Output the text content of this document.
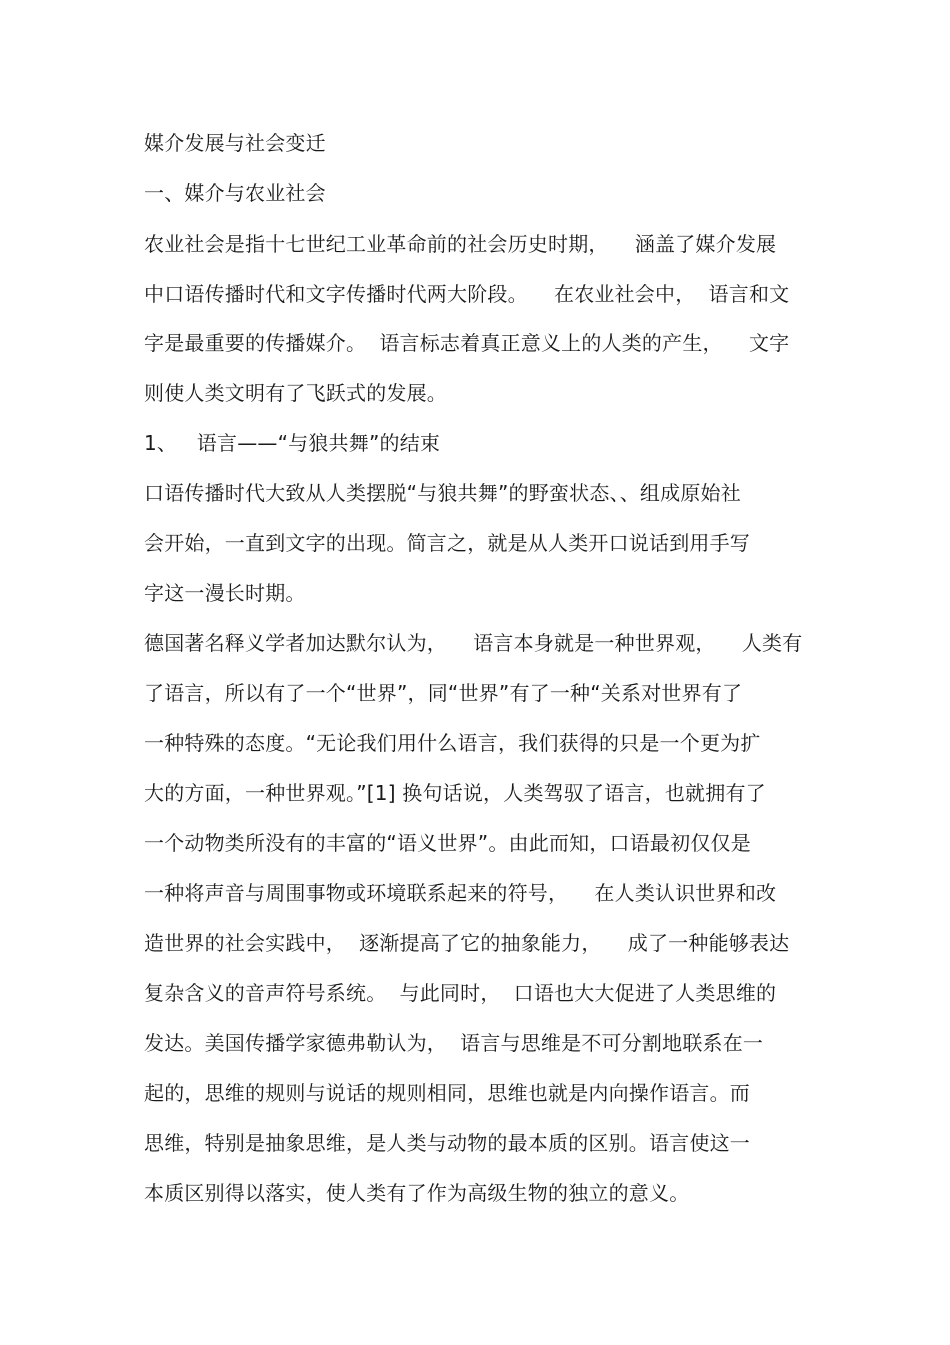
媒介发展与社会变迁

一、媒介与农业社会

农业社会是指十七世纪工业革命前的社会历史时期，    涵盖了媒介发展

中口语传播时代和文字传播时代两大阶段。    在农业社会中，  语言和文

字是最重要的传播媒介。  语言标志着真正意义上的人类的产生，    文字

则使人类文明有了飞跃式的发展。

1、   语言——“与狼共舞”的结束

口语传播时代大致从人类摆脱“与狼共舞”的野蛮状态、、组成原始社

会开始，一直到文字的出现。简言之，就是从人类开口说话到用手写

字这一漫长时期。

德国著名释义学者加达默尔认为，    语言本身就是一种世界观，    人类有

了语言，所以有了一个“世界”，同“世界”有了一种“关系对世界有了

一种特殊的态度。“无论我们用什么语言，我们获得的只是一个更为扩

大的方面，一种世界观。”[1] 换句话说，人类驾驭了语言，也就拥有了

一个动物类所没有的丰富的“语义世界”。由此而知，口语最初仅仅是

一种将声音与周围事物或环境联系起来的符号，    在人类认识世界和改

造世界的社会实践中，  逐渐提高了它的抽象能力，    成了一种能够表达

复杂含义的音声符号系统。  与此同时，  口语也大大促进了人类思维的

发达。美国传播学家德弗勒认为，  语言与思维是不可分割地联系在一

起的，思维的规则与说话的规则相同，思维也就是内向操作语言。而

思维，特别是抽象思维，是人类与动物的最本质的区别。语言使这一

本质区别得以落实，使人类有了作为高级生物的独立的意义。
